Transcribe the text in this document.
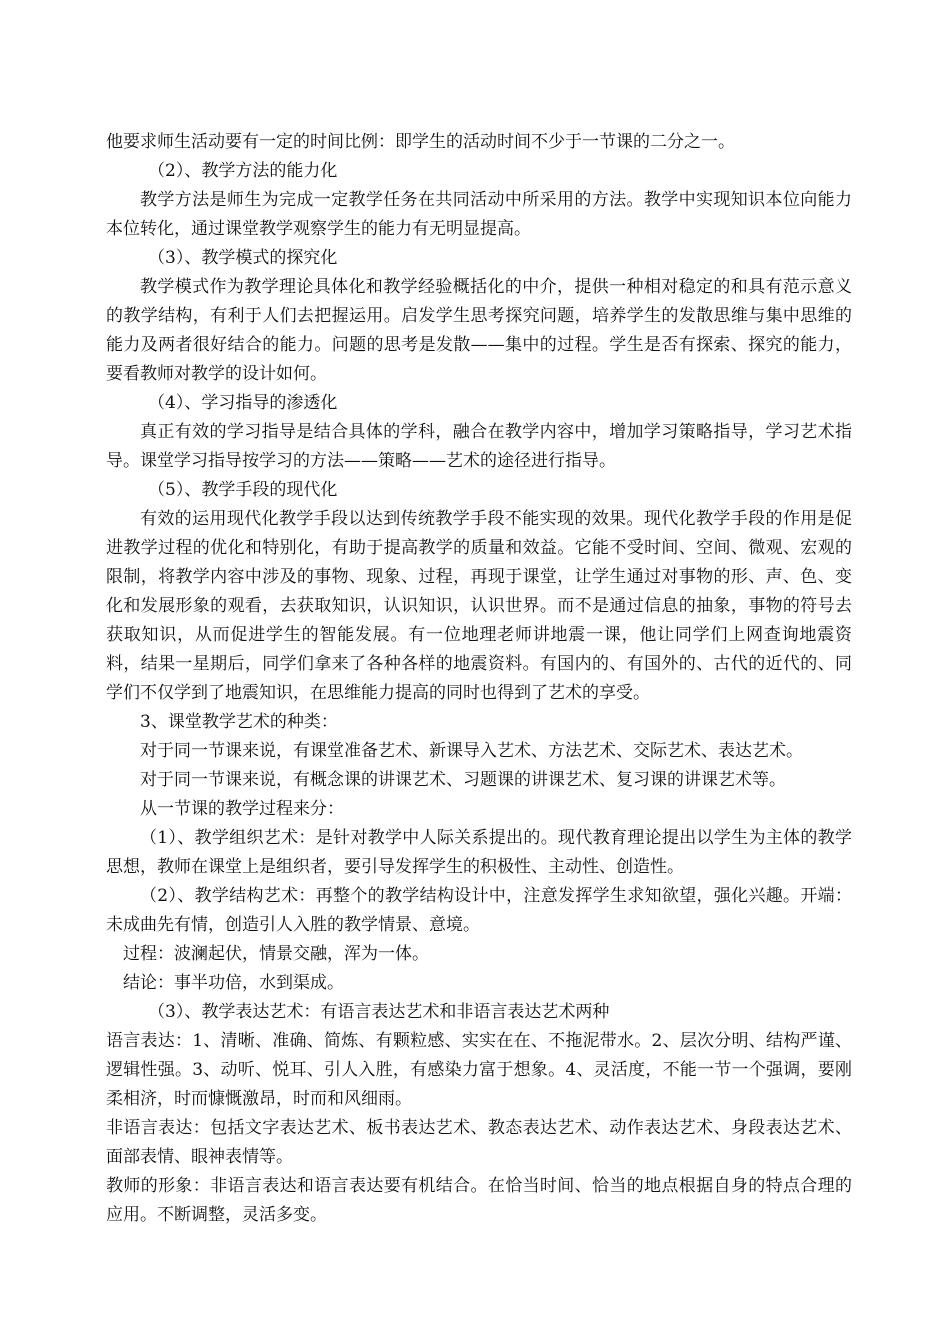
他要求师生活动要有一定的时间比例：即学生的活动时间不少于一节课的二分之一。

（2）、教学方法的能力化

教学方法是师生为完成一定教学任务在共同活动中所采用的方法。教学中实现知识本位向能力本位转化，通过课堂教学观察学生的能力有无明显提高。

（3）、教学模式的探究化

教学模式作为教学理论具体化和教学经验概括化的中介，提供一种相对稳定的和具有范示意义的教学结构，有利于人们去把握运用。启发学生思考探究问题，培养学生的发散思维与集中思维的能力及两者很好结合的能力。问题的思考是发散——集中的过程。学生是否有探索、探究的能力，要看教师对教学的设计如何。

（4）、学习指导的渗透化

真正有效的学习指导是结合具体的学科，融合在教学内容中，增加学习策略指导，学习艺术指导。课堂学习指导按学习的方法——策略——艺术的途径进行指导。

（5）、教学手段的现代化

有效的运用现代化教学手段以达到传统教学手段不能实现的效果。现代化教学手段的作用是促进教学过程的优化和特别化，有助于提高教学的质量和效益。它能不受时间、空间、微观、宏观的限制，将教学内容中涉及的事物、现象、过程，再现于课堂，让学生通过对事物的形、声、色、变化和发展形象的观看，去获取知识，认识知识，认识世界。而不是通过信息的抽象，事物的符号去获取知识，从而促进学生的智能发展。有一位地理老师讲地震一课，他让同学们上网查询地震资料，结果一星期后，同学们拿来了各种各样的地震资料。有国内的、有国外的、古代的近代的、同学们不仅学到了地震知识，在思维能力提高的同时也得到了艺术的享受。

3、课堂教学艺术的种类：

对于同一节课来说，有课堂准备艺术、新课导入艺术、方法艺术、交际艺术、表达艺术。

对于同一节课来说，有概念课的讲课艺术、习题课的讲课艺术、复习课的讲课艺术等。

从一节课的教学过程来分：

（1）、教学组织艺术：是针对教学中人际关系提出的。现代教育理论提出以学生为主体的教学思想，教师在课堂上是组织者，要引导发挥学生的积极性、主动性、创造性。

（2）、教学结构艺术：再整个的教学结构设计中，注意发挥学生求知欲望，强化兴趣。开端：未成曲先有情，创造引人入胜的教学情景、意境。

过程：波澜起伏，情景交融，浑为一体。

结论：事半功倍，水到渠成。

（3）、教学表达艺术：有语言表达艺术和非语言表达艺术两种

语言表达：1、清晰、准确、简炼、有颗粒感、实实在在、不拖泥带水。2、层次分明、结构严谨、逻辑性强。3、动听、悦耳、引人入胜，有感染力富于想象。4、灵活度，不能一节一个强调，要刚柔相济，时而慷慨激昂，时而和风细雨。

非语言表达：包括文字表达艺术、板书表达艺术、教态表达艺术、动作表达艺术、身段表达艺术、面部表情、眼神表情等。

教师的形象：非语言表达和语言表达要有机结合。在恰当时间、恰当的地点根据自身的特点合理的应用。不断调整，灵活多变。
